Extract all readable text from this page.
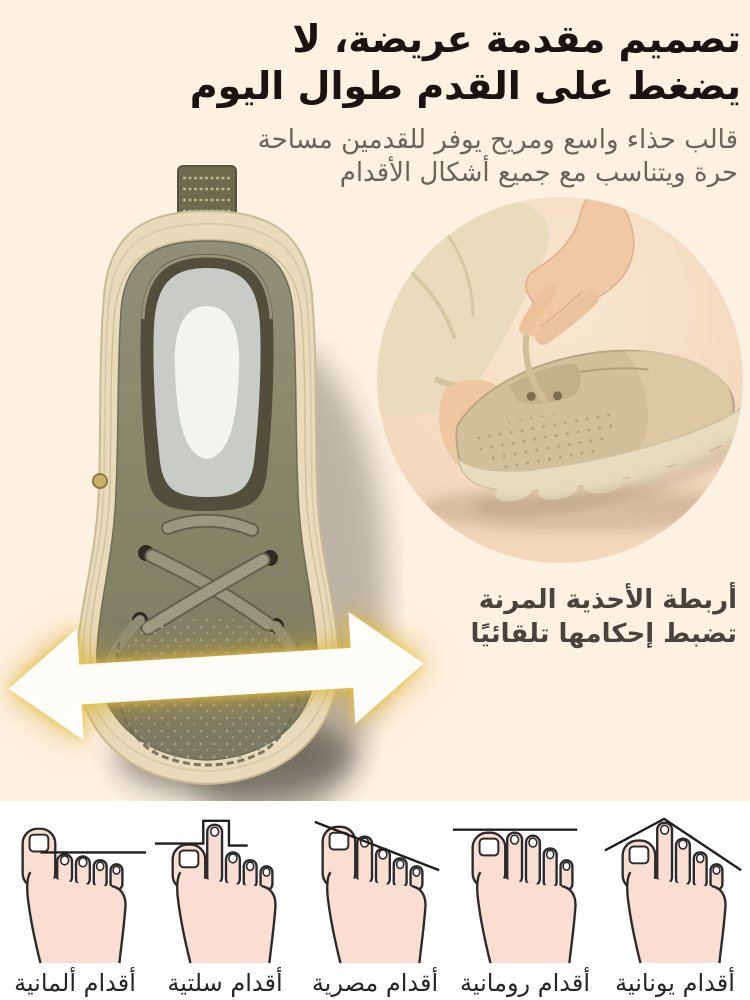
تصميم مقدمة عريضة، لا
يضغط على القدم طوال اليوم
قالب حذاء واسع ومريح يوفر للقدمين مساحة
حرة ويتناسب مع جميع أشكال الأقدام
أربطة الأحذية المرنة
تضبط إحكامها تلقائيًا
أقدام ألمانية أقدام سلتية أقدام مصرية أقدام رومانية أقدام يونانية
